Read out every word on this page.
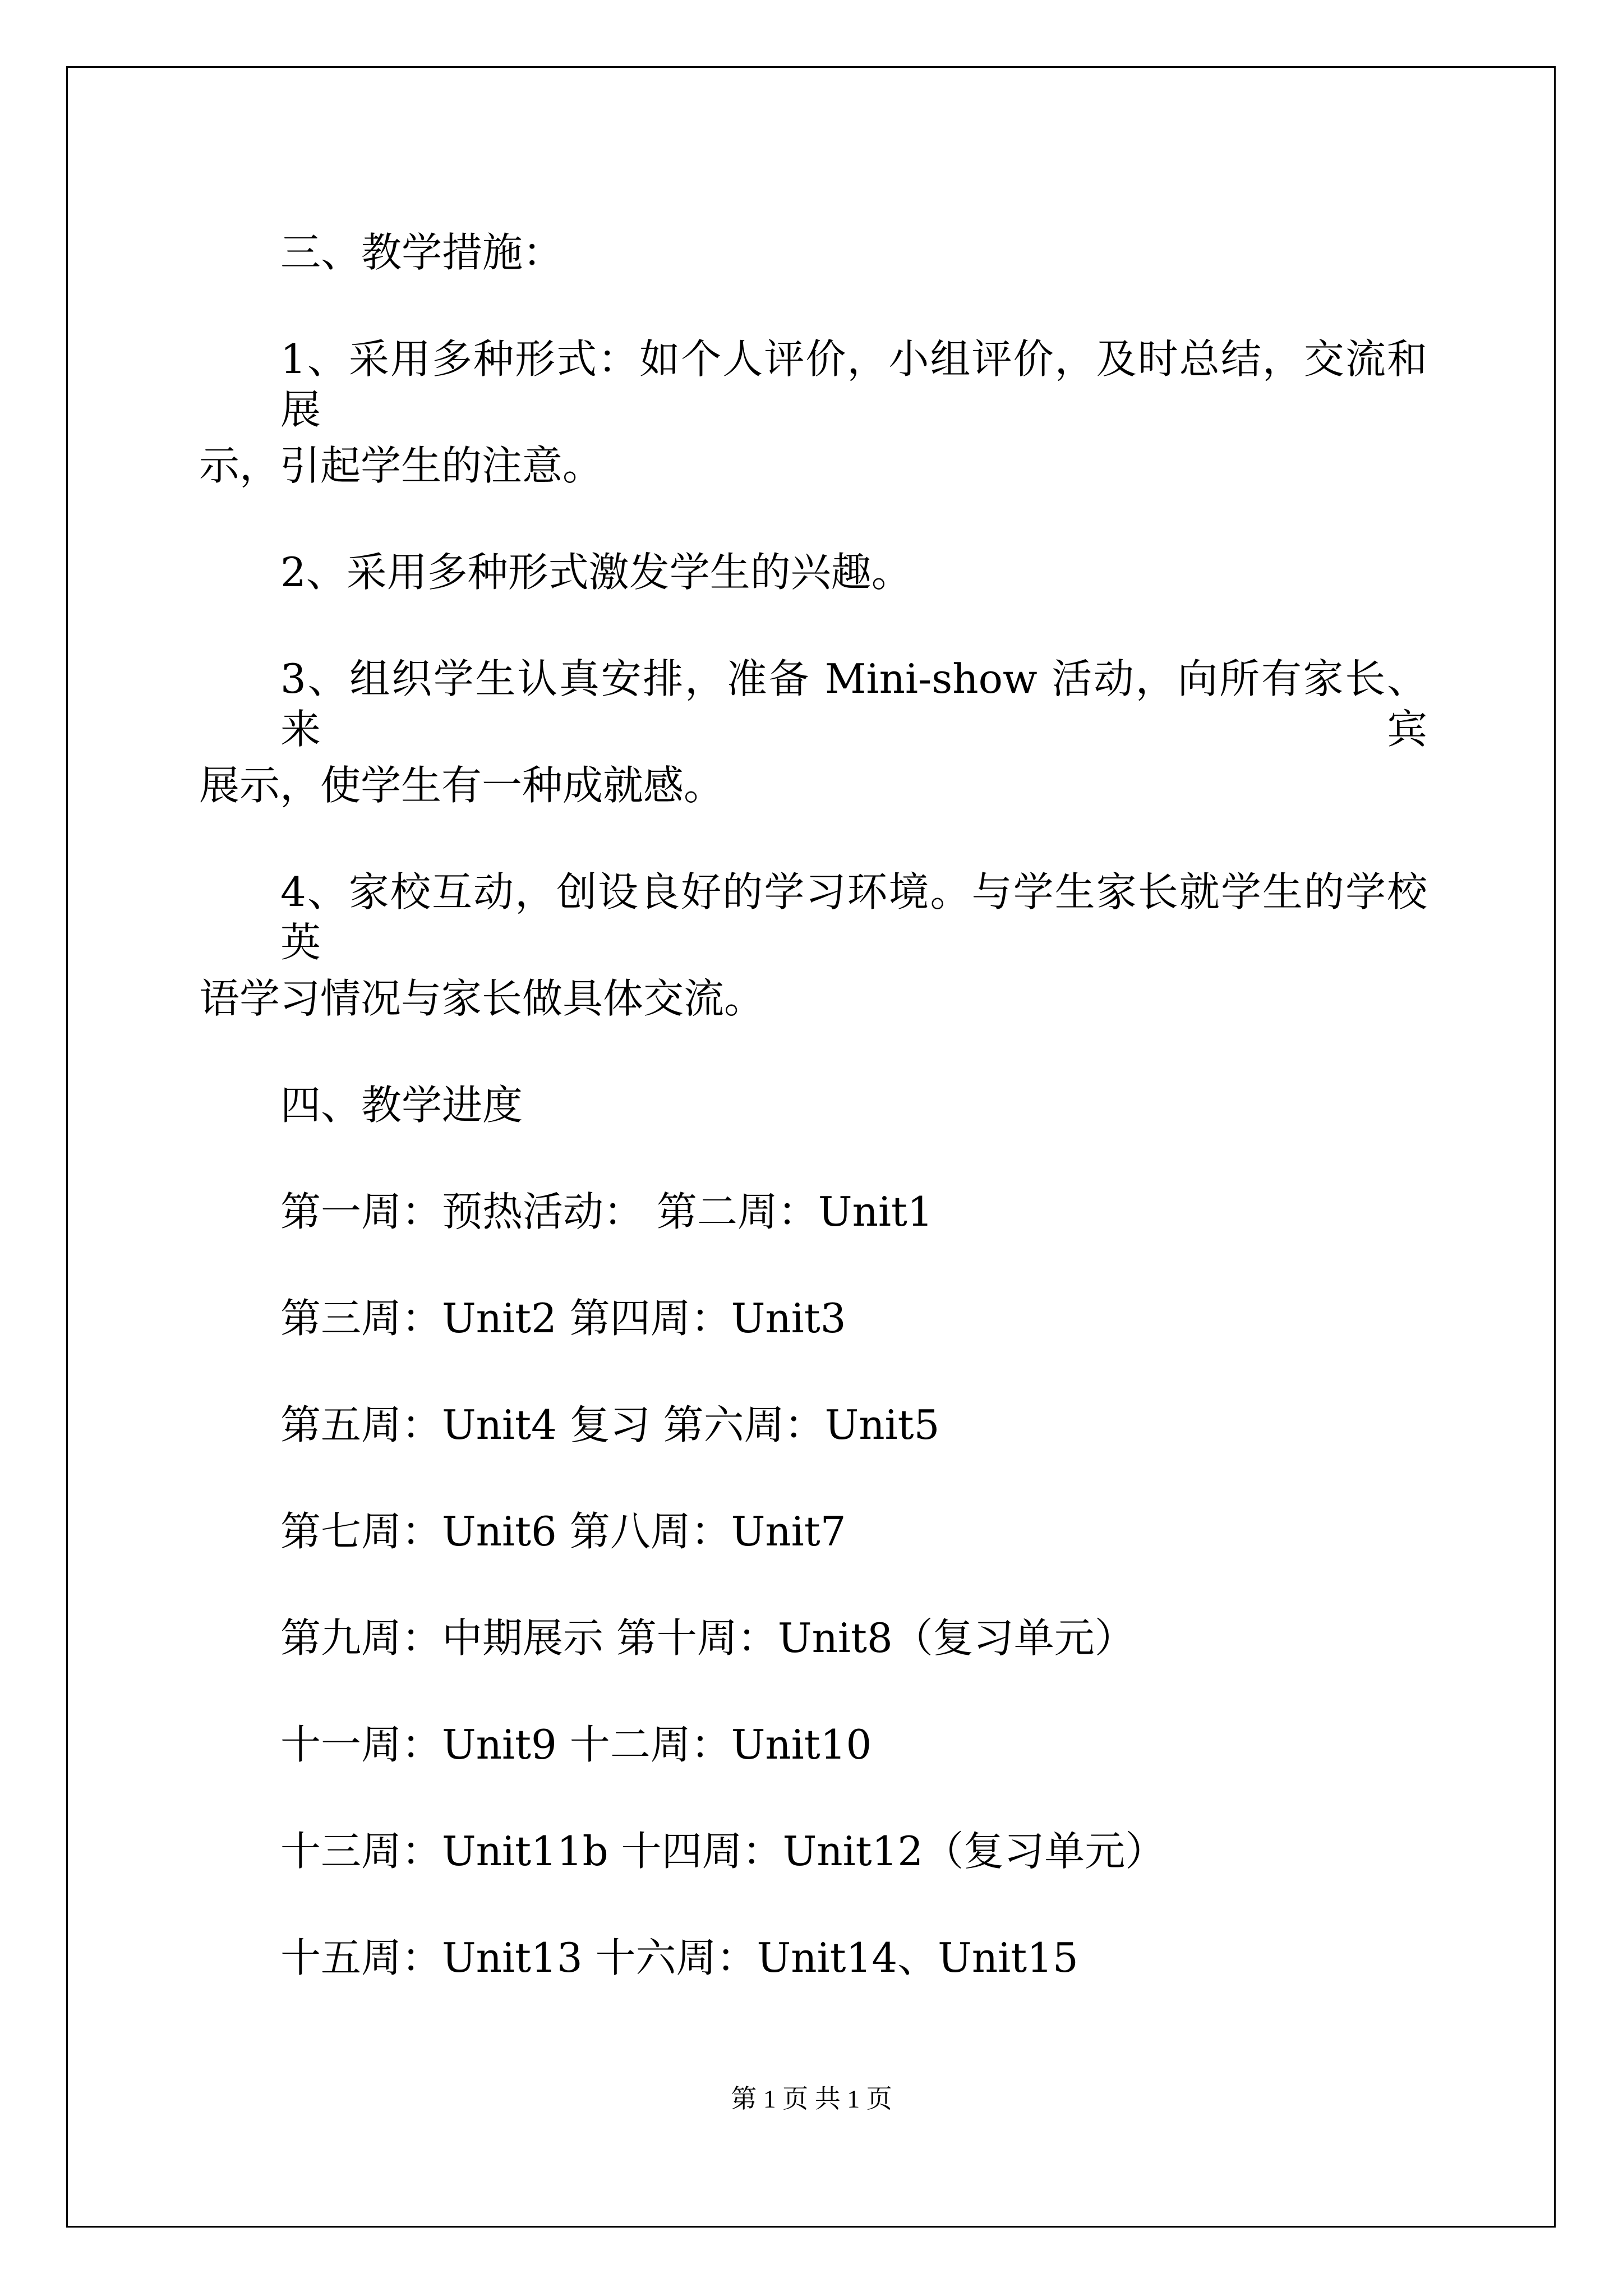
三、教学措施：
1、采用多种形式：如个人评价，小组评价，及时总结，交流和展
示，引起学生的注意。
2、采用多种形式激发学生的兴趣。
3、组织学生认真安排，准备 Mini-show 活动，向所有家长、来宾
展示，使学生有一种成就感。
4、家校互动，创设良好的学习环境。与学生家长就学生的学校英
语学习情况与家长做具体交流。
四、教学进度
第一周：预热活动： 第二周：Unit1
第三周：Unit2 第四周：Unit3
第五周：Unit4 复习 第六周：Unit5
第七周：Unit6 第八周：Unit7
第九周：中期展示 第十周：Unit8（复习单元）
十一周：Unit9 十二周：Unit10
十三周：Unit11b 十四周：Unit12（复习单元）
十五周：Unit13 十六周：Unit14、Unit15
第 1 页 共 1 页
